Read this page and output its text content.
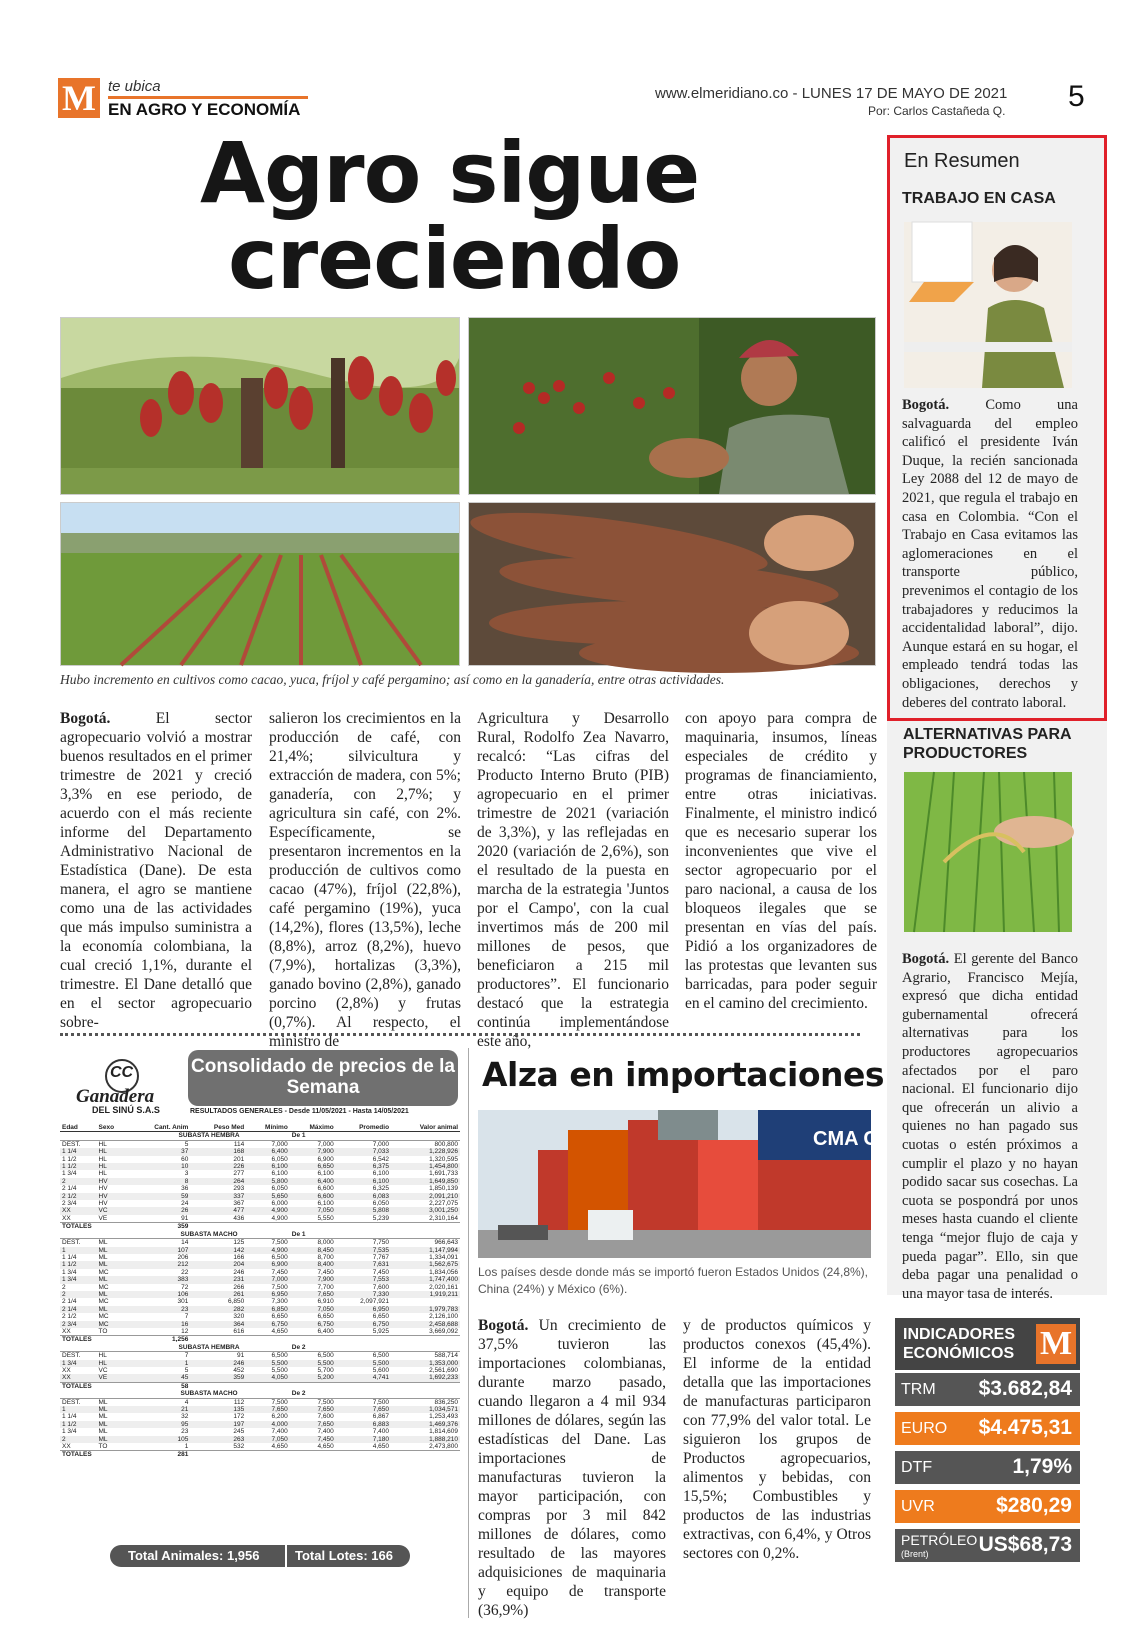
M te ubica
EN AGRO Y ECONOMÍA
www.elmeridiano.co - LUNES 17 DE MAYO DE 2021
Por: Carlos Castañeda Q. 5
Agro sigue
creciendo
Hubo incremento en cultivos como cacao, yuca, fríjol y café pergamino; así como en la ganadería, entre otras actividades.
Bogotá. El sector agropecuario volvió a mostrar buenos resultados en el primer trimestre de 2021 y creció 3,3% en ese periodo, de acuerdo con el más reciente informe del Departamento Administrativo Nacional de Estadística (Dane). De esta manera, el agro se mantiene como una de las actividades que más impulso suministra a la economía colombiana, la cual creció 1,1%, durante el trimestre. El Dane detalló que en el sector agropecuario sobre-
salieron los crecimientos en la producción de café, con 21,4%; silvicultura y extracción de madera, con 5%; ganadería, con 2,7%; y agricultura sin café, con 2%. Específicamente, se presentaron incrementos en la producción de cultivos como cacao (47%), fríjol (22,8%), café pergamino (19%), yuca (14,2%), flores (13,5%), leche (8,8%), arroz (8,2%), huevo (7,9%), hortalizas (3,3%), ganado bovino (2,8%), ganado porcino (2,8%) y frutas (0,7%). Al respecto, el ministro de
Agricultura y Desarrollo Rural, Rodolfo Zea Navarro, recalcó: “Las cifras del Producto Interno Bruto (PIB) agropecuario en el primer trimestre de 2021 (variación de 3,3%), y las reflejadas en 2020 (variación de 2,6%), son el resultado de la puesta en marcha de la estrategia 'Juntos por el Campo', con la cual invertimos más de 200 mil millones de pesos, que beneficiaron a 215 mil productores”. El funcionario destacó que la estrategia continúa implementándose este año,
con apoyo para compra de maquinaria, insumos, líneas especiales de crédito y programas de financiamiento, entre otras iniciativas. Finalmente, el ministro indicó que es necesario superar los inconvenientes que vive el sector agropecuario por el paro nacional, a causa de los bloqueos ilegales que se presentan en vías del país. Pidió a los organizadores de las protestas que levanten sus barricadas, para poder seguir en el camino del crecimiento.
CC
Ganadera
DEL SINÚ S.A.S
Consolidado de precios de la Semana
RESULTADOS GENERALES - Desde 11/05/2021 - Hasta 14/05/2021
Edad	Sexo	Cant. Anim	Peso Med	Mínimo	Máximo	Promedio	Valor animal
		SUBASTA HEMBRA			De 1		
DEST.	HL	5	114	7,000	7,000	7,000	800,800
1 1/4	HL	37	168	6,400	7,900	7,033	1,228,926
1 1/2	HL	60	201	6,050	6,900	6,542	1,320,595
1 1/2	HL	10	226	6,100	6,650	6,375	1,454,800
1 3/4	HL	3	277	6,100	6,100	6,100	1,691,733
2	HV	8	264	5,800	6,400	6,100	1,649,850
2 1/4	HV	36	293	6,050	6,600	6,325	1,850,139
2 1/2	HV	59	337	5,650	6,600	6,083	2,091,210
2 3/4	HV	24	367	6,000	6,100	6,050	2,227,075
XX	VC	26	477	4,900	7,050	5,808	3,001,250
XX	VE	91	436	4,900	5,550	5,239	2,310,164
TOTALES		359					
		SUBASTA MACHO			De 1		
DEST.	ML	14	125	7,500	8,000	7,750	966,643
1	ML	107	142	4,900	8,450	7,535	1,147,994
1 1/4	ML	206	166	6,500	8,700	7,767	1,334,091
1 1/2	ML	212	204	6,900	8,400	7,631	1,562,675
1 3/4	MC	22	246	7,450	7,450	7,450	1,834,056
1 3/4	ML	383	231	7,000	7,900	7,553	1,747,400
2	MC	72	266	7,500	7,700	7,600	2,020,161
2	ML	106	261	6,950	7,650	7,330	1,919,211
2 1/4	MC	301	6,850	7,300	6,910	2,097,921	
2 1/4	ML	23	282	6,850	7,050	6,950	1,979,783
2 1/2	MC	7	320	6,650	6,650	6,650	2,126,100
2 3/4	MC	16	364	6,750	6,750	6,750	2,458,688
XX	TO	12	616	4,650	6,400	5,925	3,669,092
TOTALES		1,256					
		SUBASTA HEMBRA			De 2		
DEST.	HL	7	91	6,500	6,500	6,500	588,714
1 3/4	HL	1	246	5,500	5,500	5,500	1,353,000
XX	VC	5	452	5,500	5,700	5,600	2,561,690
XX	VE	45	359	4,050	5,200	4,741	1,692,233
TOTALES		58					
		SUBASTA MACHO			De 2		
DEST.	ML	4	112	7,500	7,500	7,500	836,250
1	ML	21	135	7,650	7,650	7,650	1,034,571
1 1/4	ML	32	172	6,200	7,600	6,867	1,253,493
1 1/2	ML	95	197	4,000	7,650	6,883	1,469,376
1 3/4	ML	23	245	7,400	7,400	7,400	1,814,609
2	ML	105	263	7,050	7,450	7,180	1,888,210
XX	TO	1	532	4,650	4,650	4,650	2,473,800
TOTALES		281					
Total Animales: 1,956	Total Lotes: 166
Alza en importaciones
CMA C
Los países desde donde más se importó fueron Estados Unidos (24,8%), China (24%) y México (6%).
Bogotá. Un crecimiento de 37,5% tuvieron las importaciones colombianas, durante marzo pasado, cuando llegaron a 4 mil 934 millones de dólares, según las estadísticas del Dane. Las importaciones de manufacturas tuvieron la mayor participación, con compras por 3 mil 842 millones de dólares, como resultado de las mayores adquisiciones de maquinaria y equipo de transporte (36,9%)
y de productos químicos y productos conexos (45,4%). El informe de la entidad detalla que las importaciones de manufacturas participaron con 77,9% del valor total. Le siguieron los grupos de Productos agropecuarios, alimentos y bebidas, con 15,5%; Combustibles y productos de las industrias extractivas, con 6,4%, y Otros sectores con 0,2%.
En Resumen
TRABAJO EN CASA
Bogotá. Como una salvaguarda del empleo calificó el presidente Iván Duque, la recién sancionada Ley 2088 del 12 de mayo de 2021, que regula el trabajo en casa en Colombia. “Con el Trabajo en Casa evitamos las aglomeraciones en el transporte público, prevenimos el contagio de los trabajadores y reducimos la accidentalidad laboral”, dijo. Aunque estará en su hogar, el empleado tendrá todas las obligaciones, derechos y deberes del contrato laboral.
ALTERNATIVAS PARA PRODUCTORES
Bogotá. El gerente del Banco Agrario, Francisco Mejía, expresó que dicha entidad gubernamental ofrecerá alternativas para los productores agropecuarios afectados por el paro nacional. El funcionario dijo que ofrecerán un alivio a quienes no han pagado sus cuotas o estén próximos a cumplir el plazo y no hayan podido sacar sus cosechas. La cuota se pospondrá por unos meses hasta cuando el cliente tenga “mejor flujo de caja y pueda pagar”. Ello, sin que deba pagar una penalidad o una mayor tasa de interés.
INDICADORES
ECONÓMICOS M
TRM $3.682,84
EURO $4.475,31
DTF	1,79%
UVR	$280,29
PETRÓLEO
(Brent) US$68,73
